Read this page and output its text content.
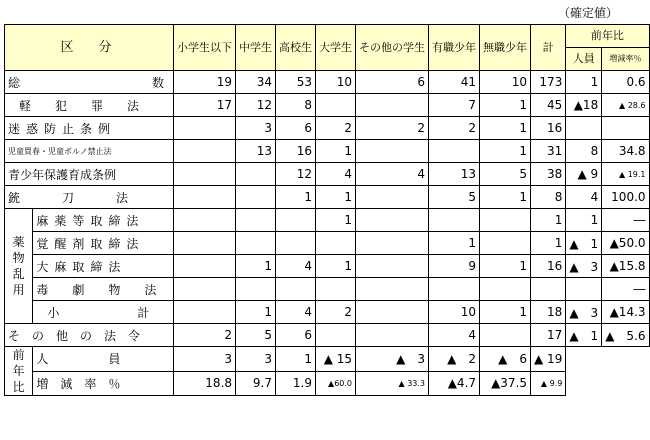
（確定値）
区　分		小学生以下	中学生	高校生	大学生	その他の学生	有職少年	無職少年	計	前年比	
										人員	増減率％
総　　　　　　　数		19	34	53	10	6	41	10	173	1	0.6
軽　犯　罪　法		17	12	8			7	1	45	▲18	▲ 28.6
迷惑防止条例			3	6	2	2	2	1	16		
児童買春・児童ポルノ禁止法			13	16	1			1	31	8	34.8
青少年保護育成条例				12	4	4	13	5	38	▲ 9	▲ 19.1
銃　　刀　　法				1	1		5	1	8	4	100.0
薬物乱用	麻薬等取締法				1				1	1	―
	覚醒剤取締法						1		1	▲　1	▲50.0
	大麻取締法		1	4	1		9	1	16	▲　3	▲15.8
	毒　劇　物　法										―
	小　　　　計		1	4	2		10	1	18	▲　3	▲14.3
そ　の　他　の　法　令		2	5	6			4		17	▲　1	▲　5.6
前年比	人　　　　　員	3	3	1	▲ 15	▲　3	▲　2	▲　6	▲ 19		
	増　減　率　％	18.8	9.7	1.9	▲60.0	▲ 33.3	▲4.7	▲37.5	▲ 9.9		
